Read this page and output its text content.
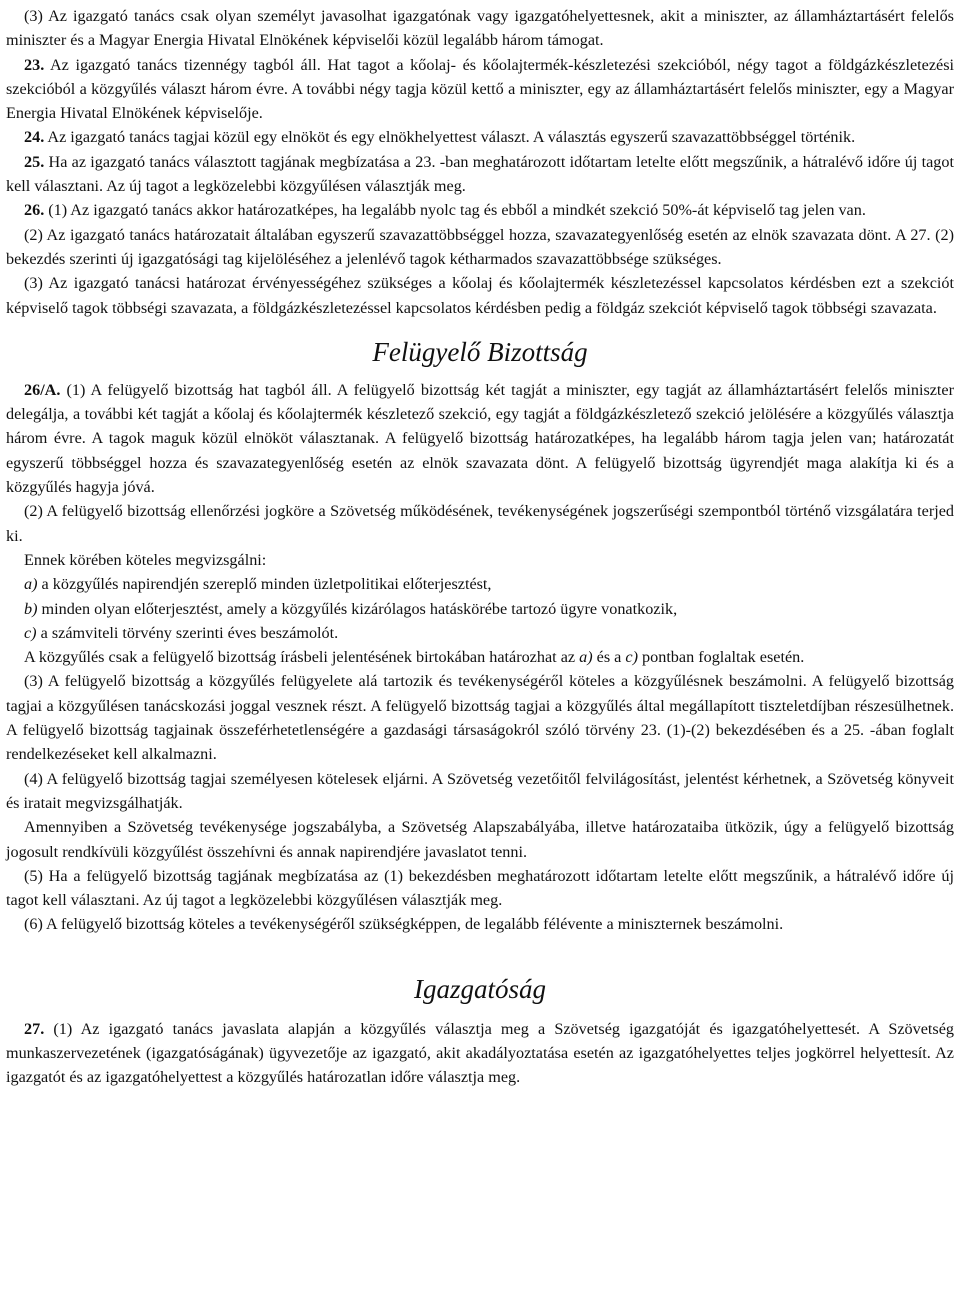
(3) Az igazgató tanács csak olyan személyt javasolhat igazgatónak vagy igazgatóhelyettesnek, akit a miniszter, az államháztartásért felelős miniszter és a Magyar Energia Hivatal Elnökének képviselői közül legalább három támogat.

23. Az igazgató tanács tizennégy tagból áll. Hat tagot a kőolaj- és kőolajtermék-készletezési szekcióból, négy tagot a földgázkészletezési szekcióból a közgyűlés választ három évre. A további négy tagja közül kettő a miniszter, egy az államháztartásért felelős miniszter, egy a Magyar Energia Hivatal Elnökének képviselője.

24. Az igazgató tanács tagjai közül egy elnököt és egy elnökhelyettest választ. A választás egyszerű szavazattöbbséggel történik.

25. Ha az igazgató tanács választott tagjának megbízatása a 23. -ban meghatározott időtartam letelte előtt megszűnik, a hátralévő időre új tagot kell választani. Az új tagot a legközelebbi közgyűlésen választják meg.

26. (1) Az igazgató tanács akkor határozatképes, ha legalább nyolc tag és ebből a mindkét szekció 50%-át képviselő tag jelen van.

(2) Az igazgató tanács határozatait általában egyszerű szavazattöbbséggel hozza, szavazategyenlőség esetén az elnök szavazata dönt. A 27. (2) bekezdés szerinti új igazgatósági tag kijelöléséhez a jelenlévő tagok kétharmados szavazattöbbsége szükséges.

(3) Az igazgató tanácsi határozat érvényességéhez szükséges a kőolaj és kőolajtermék készletezéssel kapcsolatos kérdésben ezt a szekciót képviselő tagok többségi szavazata, a földgázkészletezéssel kapcsolatos kérdésben pedig a földgáz szekciót képviselő tagok többségi szavazata.

Felügyelő Bizottság

26/A. (1) A felügyelő bizottság hat tagból áll. A felügyelő bizottság két tagját a miniszter, egy tagját az államháztartásért felelős miniszter delegálja, a további két tagját a kőolaj és kőolajtermék készletező szekció, egy tagját a földgázkészletező szekció jelölésére a közgyűlés választja három évre. A tagok maguk közül elnököt választanak. A felügyelő bizottság határozatképes, ha legalább három tagja jelen van; határozatát egyszerű többséggel hozza és szavazategyenlőség esetén az elnök szavazata dönt. A felügyelő bizottság ügyrendjét maga alakítja ki és a közgyűlés hagyja jóvá.

(2) A felügyelő bizottság ellenőrzési jogköre a Szövetség működésének, tevékenységének jogszerűségi szempontból történő vizsgálatára terjed ki.

Ennek körében köteles megvizsgálni:

a) a közgyűlés napirendjén szereplő minden üzletpolitikai előterjesztést,

b) minden olyan előterjesztést, amely a közgyűlés kizárólagos hatáskörébe tartozó ügyre vonatkozik,

c) a számviteli törvény szerinti éves beszámolót.

A közgyűlés csak a felügyelő bizottság írásbeli jelentésének birtokában határozhat az a) és a c) pontban foglaltak esetén.

(3) A felügyelő bizottság a közgyűlés felügyelete alá tartozik és tevékenységéről köteles a közgyűlésnek beszámolni. A felügyelő bizottság tagjai a közgyűlésen tanácskozási joggal vesznek részt. A felügyelő bizottság tagjai a közgyűlés által megállapított tiszteletdíjban részesülhetnek. A felügyelő bizottság tagjainak összeférhetetlenségére a gazdasági társaságokról szóló törvény 23. (1)-(2) bekezdésében és a 25. -ában foglalt rendelkezéseket kell alkalmazni.

(4) A felügyelő bizottság tagjai személyesen kötelesek eljárni. A Szövetség vezetőitől felvilágosítást, jelentést kérhetnek, a Szövetség könyveit és iratait megvizsgálhatják.

Amennyiben a Szövetség tevékenysége jogszabályba, a Szövetség Alapszabályába, illetve határozataiba ütközik, úgy a felügyelő bizottság jogosult rendkívüli közgyűlést összehívni és annak napirendjére javaslatot tenni.

(5) Ha a felügyelő bizottság tagjának megbízatása az (1) bekezdésben meghatározott időtartam letelte előtt megszűnik, a hátralévő időre új tagot kell választani. Az új tagot a legközelebbi közgyűlésen választják meg.

(6) A felügyelő bizottság köteles a tevékenységéről szükségképpen, de legalább félévente a miniszternek beszámolni.

Igazgatóság

27. (1) Az igazgató tanács javaslata alapján a közgyűlés választja meg a Szövetség igazgatóját és igazgatóhelyettesét. A Szövetség munkaszervezetének (igazgatóságának) ügyvezetője az igazgató, akit akadályoztatása esetén az igazgatóhelyettes teljes jogkörrel helyettesít. Az igazgatót és az igazgatóhelyettest a közgyűlés határozatlan időre választja meg.
